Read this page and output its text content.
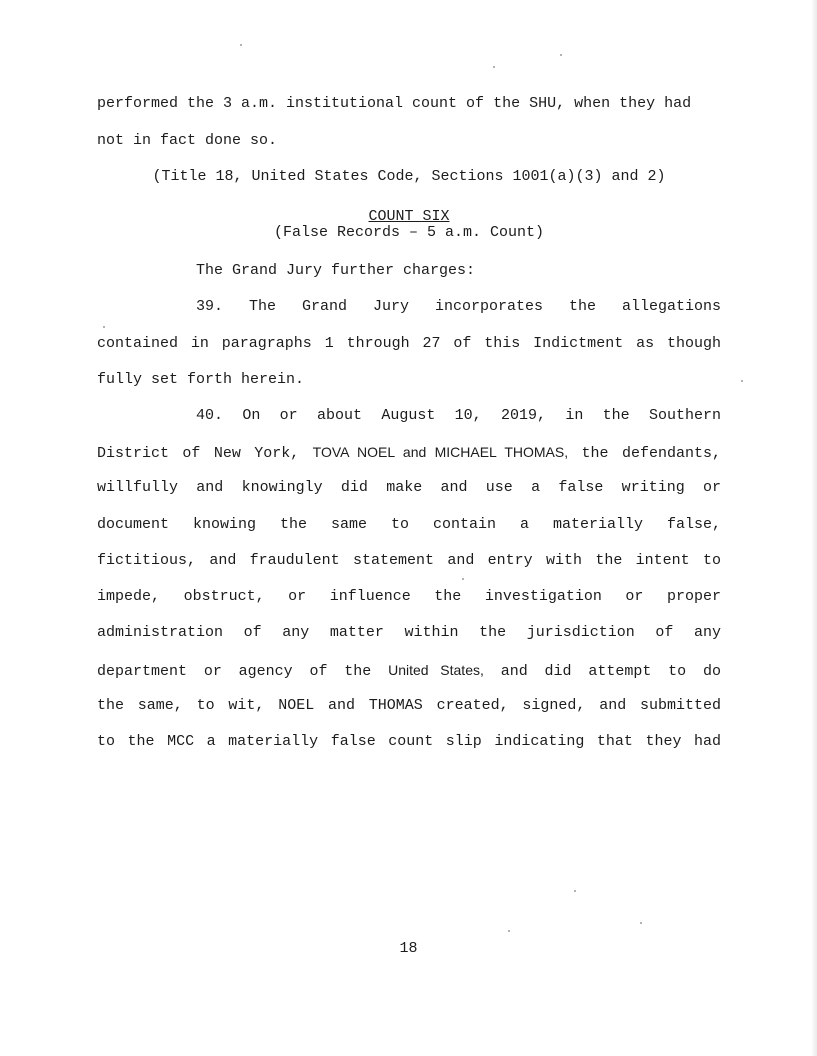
performed the 3 a.m. institutional count of the SHU, when they had
not in fact done so.
(Title 18, United States Code, Sections 1001(a)(3) and 2)
COUNT SIX
(False Records – 5 a.m. Count)
The Grand Jury further charges:
39. The Grand Jury incorporates the allegations
contained in paragraphs 1 through 27 of this Indictment as though
fully set forth herein.
40. On or about August 10, 2019, in the Southern
District of New York, TOVA NOEL and MICHAEL THOMAS, the defendants,
willfully and knowingly did make and use a false writing or
document knowing the same to contain a materially false,
fictitious, and fraudulent statement and entry with the intent to
impede, obstruct, or influence the investigation or proper
administration of any matter within the jurisdiction of any
department or agency of the United States, and did attempt to do
the same, to wit, NOEL and THOMAS created, signed, and submitted
to the MCC a materially false count slip indicating that they had
18
